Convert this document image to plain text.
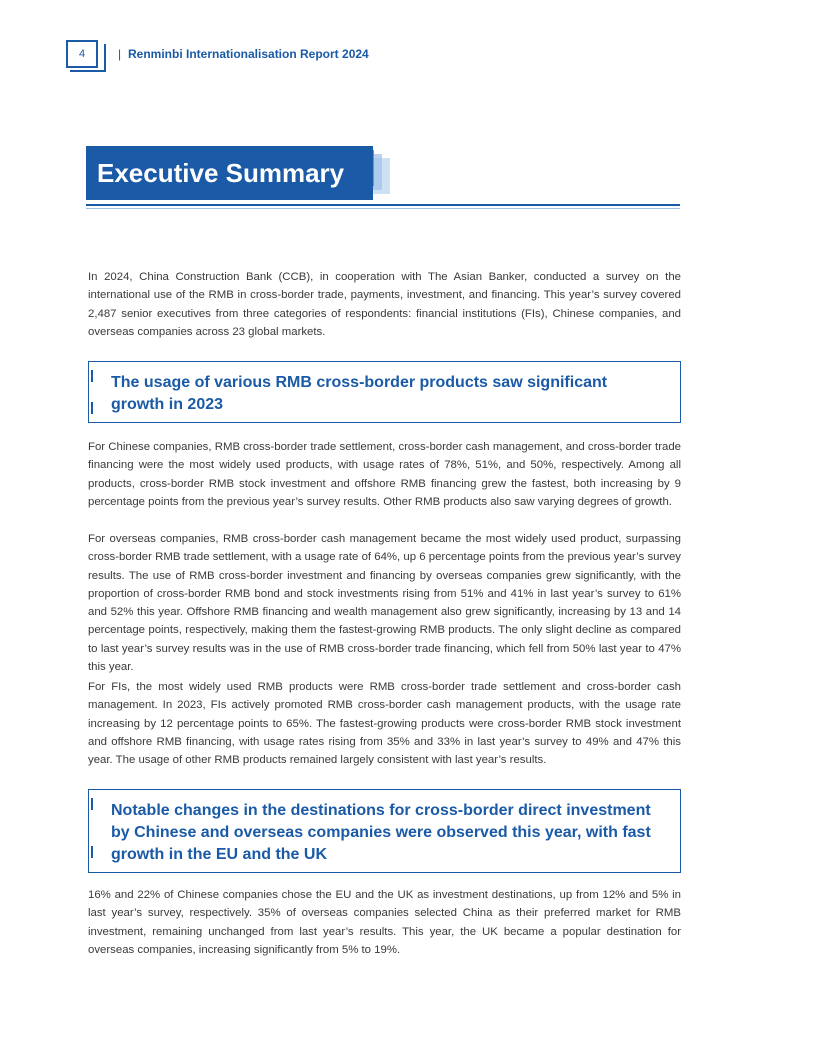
4	| Renminbi Internationalisation Report 2024
Executive Summary

In 2024, China Construction Bank (CCB), in cooperation with The Asian Banker, conducted a survey on the international use of the RMB in cross-border trade, payments, investment, and financing. This year’s survey covered 2,487 senior executives from three categories of respondents: financial institutions (FIs), Chinese companies, and overseas companies across 23 global markets.

The usage of various RMB cross-border products saw significant growth in 2023

For Chinese companies, RMB cross-border trade settlement, cross-border cash management, and cross-border trade financing were the most widely used products, with usage rates of 78%, 51%, and 50%, respectively. Among all products, cross-border RMB stock investment and offshore RMB financing grew the fastest, both increasing by 9 percentage points from the previous year’s survey results. Other RMB products also saw varying degrees of growth.

For overseas companies, RMB cross-border cash management became the most widely used product, surpassing cross-border RMB trade settlement, with a usage rate of 64%, up 6 percentage points from the previous year’s survey results. The use of RMB cross-border investment and financing by overseas companies grew significantly, with the proportion of cross-border RMB bond and stock investments rising from 51% and 41% in last year’s survey to 61% and 52% this year. Offshore RMB financing and wealth management also grew significantly, increasing by 13 and 14 percentage points, respectively, making them the fastest-growing RMB products. The only slight decline as compared to last year’s survey results was in the use of RMB cross-border trade financing, which fell from 50% last year to 47% this year.

For FIs, the most widely used RMB products were RMB cross-border trade settlement and cross-border cash management. In 2023, FIs actively promoted RMB cross-border cash management products, with the usage rate increasing by 12 percentage points to 65%. The fastest-growing products were cross-border RMB stock investment and offshore RMB financing, with usage rates rising from 35% and 33% in last year’s survey to 49% and 47% this year. The usage of other RMB products remained largely consistent with last year’s results.

Notable changes in the destinations for cross-border direct investment by Chinese and overseas companies were observed this year, with fast growth in the EU and the UK

16% and 22% of Chinese companies chose the EU and the UK as investment destinations, up from 12% and 5% in last year’s survey, respectively. 35% of overseas companies selected China as their preferred market for RMB investment, remaining unchanged from last year’s results. This year, the UK became a popular destination for overseas companies, increasing significantly from 5% to 19%.
